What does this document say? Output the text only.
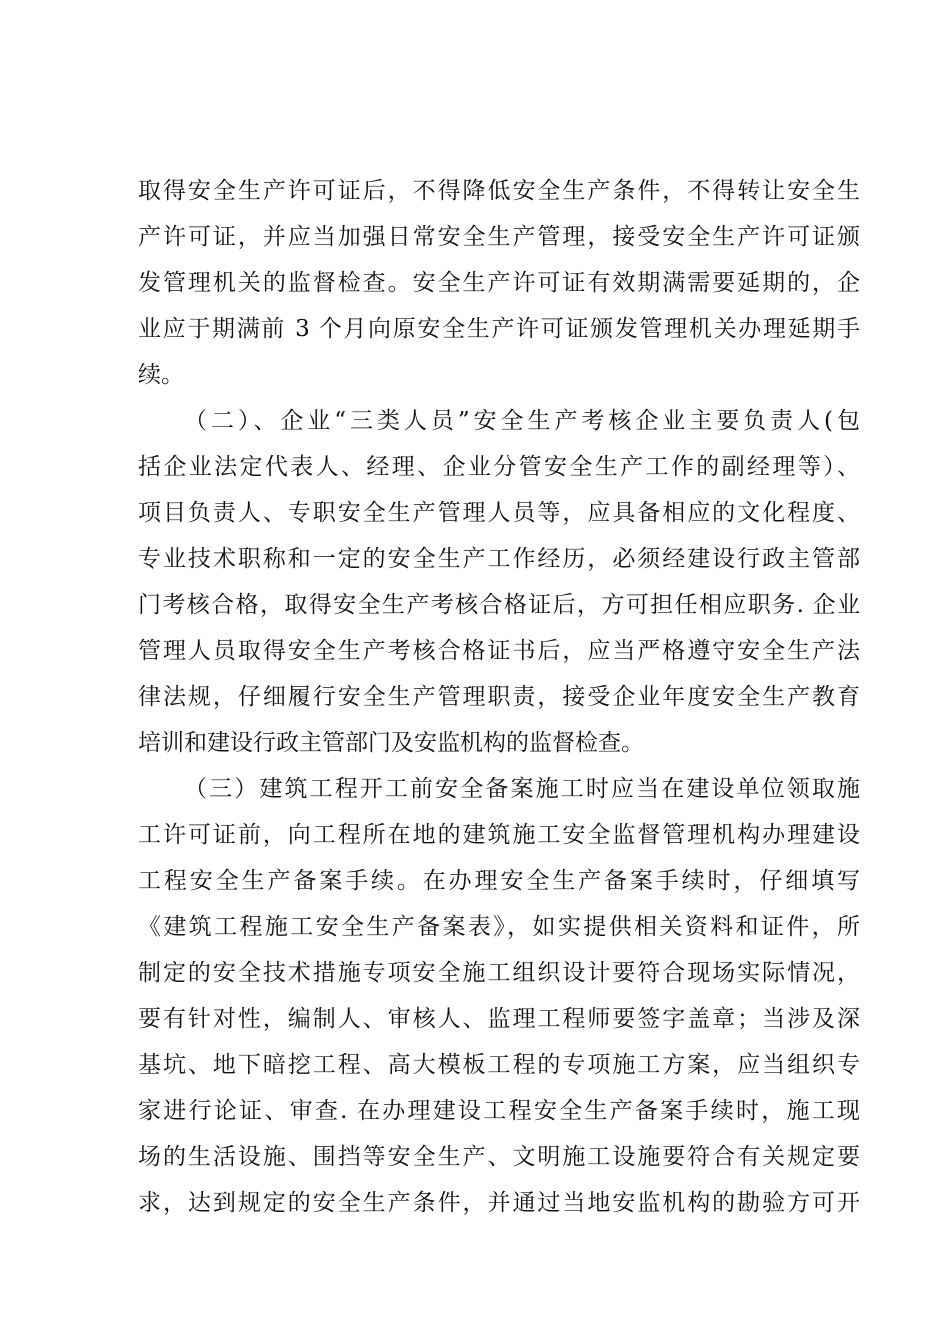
取得安全生产许可证后，不得降低安全生产条件，不得转让安全生
产许可证，并应当加强日常安全生产管理，接受安全生产许可证颁
发管理机关的监督检查。安全生产许可证有效期满需要延期的，企
业应于期满前 3 个月向原安全生产许可证颁发管理机关办理延期手
续。
（二）、企业“三类人员”安全生产考核企业主要负责人(包
括企业法定代表人、经理、企业分管安全生产工作的副经理等）、
项目负责人、专职安全生产管理人员等，应具备相应的文化程度、
专业技术职称和一定的安全生产工作经历，必须经建设行政主管部
门考核合格，取得安全生产考核合格证后，方可担任相应职务. 企业
管理人员取得安全生产考核合格证书后，应当严格遵守安全生产法
律法规，仔细履行安全生产管理职责，接受企业年度安全生产教育
培训和建设行政主管部门及安监机构的监督检查。
（三）建筑工程开工前安全备案施工时应当在建设单位领取施
工许可证前，向工程所在地的建筑施工安全监督管理机构办理建设
工程安全生产备案手续。在办理安全生产备案手续时，仔细填写
《建筑工程施工安全生产备案表》，如实提供相关资料和证件，所
制定的安全技术措施专项安全施工组织设计要符合现场实际情况，
要有针对性，编制人、审核人、监理工程师要签字盖章；当涉及深
基坑、地下暗挖工程、高大模板工程的专项施工方案，应当组织专
家进行论证、审查. 在办理建设工程安全生产备案手续时，施工现
场的生活设施、围挡等安全生产、文明施工设施要符合有关规定要
求，达到规定的安全生产条件，并通过当地安监机构的勘验方可开
